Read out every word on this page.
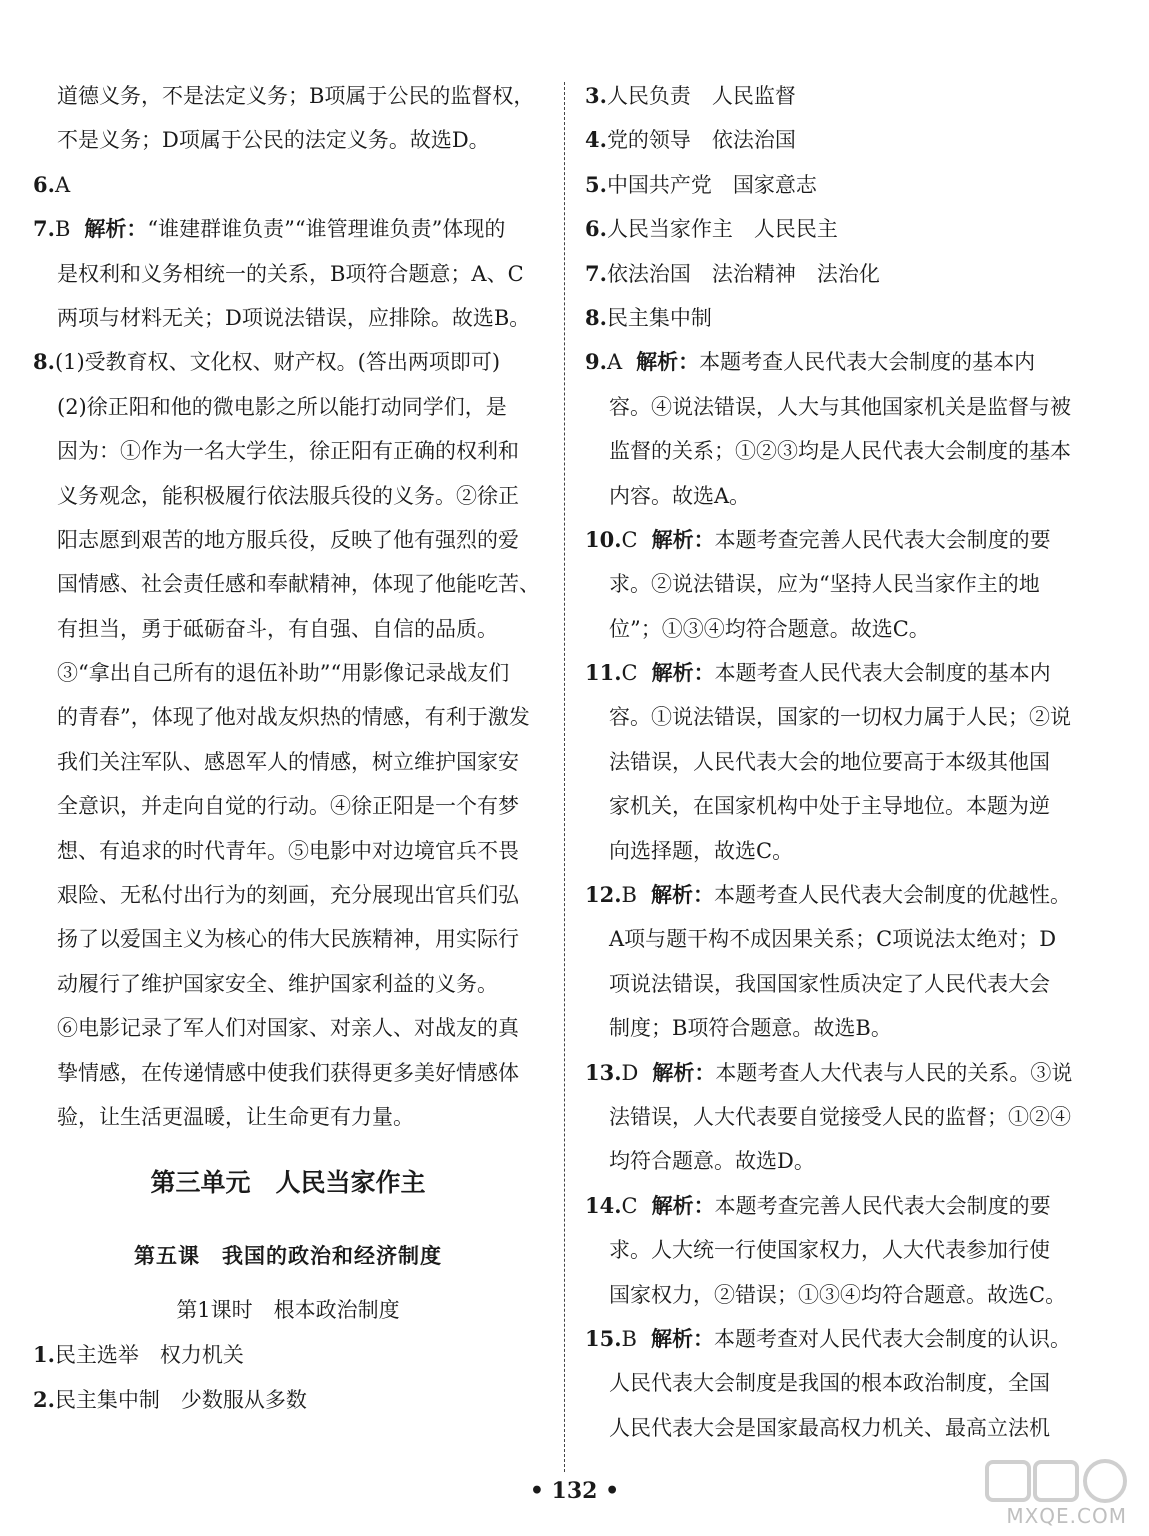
道德义务，不是法定义务；B项属于公民的监督权，
不是义务；D项属于公民的法定义务。故选D。
6.A
7.B 解析：“谁建群谁负责”“谁管理谁负责”体现的
是权利和义务相统一的关系，B项符合题意；A、C
两项与材料无关；D项说法错误，应排除。故选B。
8.(1)受教育权、文化权、财产权。(答出两项即可)
(2)徐正阳和他的微电影之所以能打动同学们，是
因为：①作为一名大学生，徐正阳有正确的权利和
义务观念，能积极履行依法服兵役的义务。②徐正
阳志愿到艰苦的地方服兵役，反映了他有强烈的爱
国情感、社会责任感和奉献精神，体现了他能吃苦、
有担当，勇于砥砺奋斗，有自强、自信的品质。
③“拿出自己所有的退伍补助”“用影像记录战友们
的青春”，体现了他对战友炽热的情感，有利于激发
我们关注军队、感恩军人的情感，树立维护国家安
全意识，并走向自觉的行动。④徐正阳是一个有梦
想、有追求的时代青年。⑤电影中对边境官兵不畏
艰险、无私付出行为的刻画，充分展现出官兵们弘
扬了以爱国主义为核心的伟大民族精神，用实际行
动履行了维护国家安全、维护国家利益的义务。
⑥电影记录了军人们对国家、对亲人、对战友的真
挚情感，在传递情感中使我们获得更多美好情感体
验，让生活更温暖，让生命更有力量。
第三单元　人民当家作主
第五课　我国的政治和经济制度
第1课时　根本政治制度
1.民主选举　权力机关
2.民主集中制　少数服从多数
3.人民负责　人民监督
4.党的领导　依法治国
5.中国共产党　国家意志
6.人民当家作主　人民民主
7.依法治国　法治精神　法治化
8.民主集中制
9.A 解析：本题考查人民代表大会制度的基本内
容。④说法错误，人大与其他国家机关是监督与被
监督的关系；①②③均是人民代表大会制度的基本
内容。故选A。
10.C 解析：本题考查完善人民代表大会制度的要
求。②说法错误，应为“坚持人民当家作主的地
位”；①③④均符合题意。故选C。
11.C 解析：本题考查人民代表大会制度的基本内
容。①说法错误，国家的一切权力属于人民；②说
法错误，人民代表大会的地位要高于本级其他国
家机关，在国家机构中处于主导地位。本题为逆
向选择题，故选C。
12.B 解析：本题考查人民代表大会制度的优越性。
A项与题干构不成因果关系；C项说法太绝对；D
项说法错误，我国国家性质决定了人民代表大会
制度；B项符合题意。故选B。
13.D 解析：本题考查人大代表与人民的关系。③说
法错误，人大代表要自觉接受人民的监督；①②④
均符合题意。故选D。
14.C 解析：本题考查完善人民代表大会制度的要
求。人大统一行使国家权力，人大代表参加行使
国家权力，②错误；①③④均符合题意。故选C。
15.B 解析：本题考查对人民代表大会制度的认识。
人民代表大会制度是我国的根本政治制度，全国
人民代表大会是国家最高权力机关、最高立法机
• 132 •
MXQE.COM
